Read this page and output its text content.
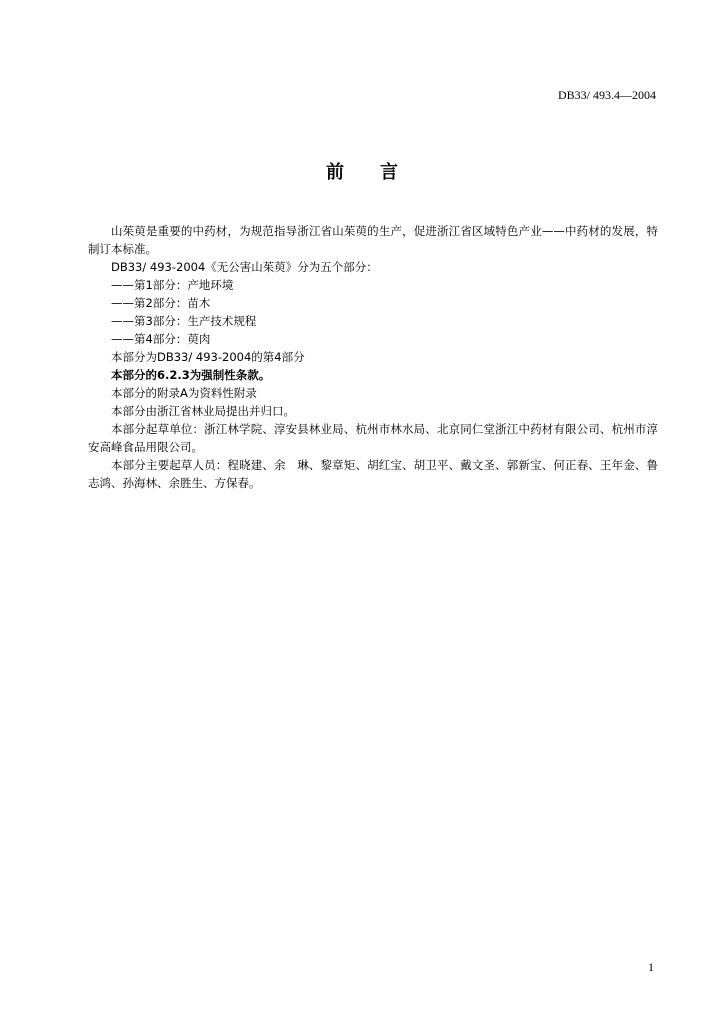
DB33/ 493.4—2004
前 言

山茱萸是重要的中药材，为规范指导浙江省山茱萸的生产，促进浙江省区域特色产业——中药材的发展，特制订本标准。

DB33/ 493-2004《无公害山茱萸》分为五个部分：

——第1部分：产地环境

——第2部分：苗木

——第3部分：生产技术规程

——第4部分：萸肉

本部分为DB33/ 493-2004的第4部分

本部分的6.2.3为强制性条款。

本部分的附录A为资料性附录

本部分由浙江省林业局提出并归口。

本部分起草单位：浙江林学院、淳安县林业局、杭州市林水局、北京同仁堂浙江中药材有限公司、杭州市淳安高峰食品用限公司。

本部分主要起草人员：程晓建、余　琳、黎章矩、胡红宝、胡卫平、戴文圣、郭新宝、何正春、王年金、鲁志鸿、孙海林、余胜生、方保春。

1
